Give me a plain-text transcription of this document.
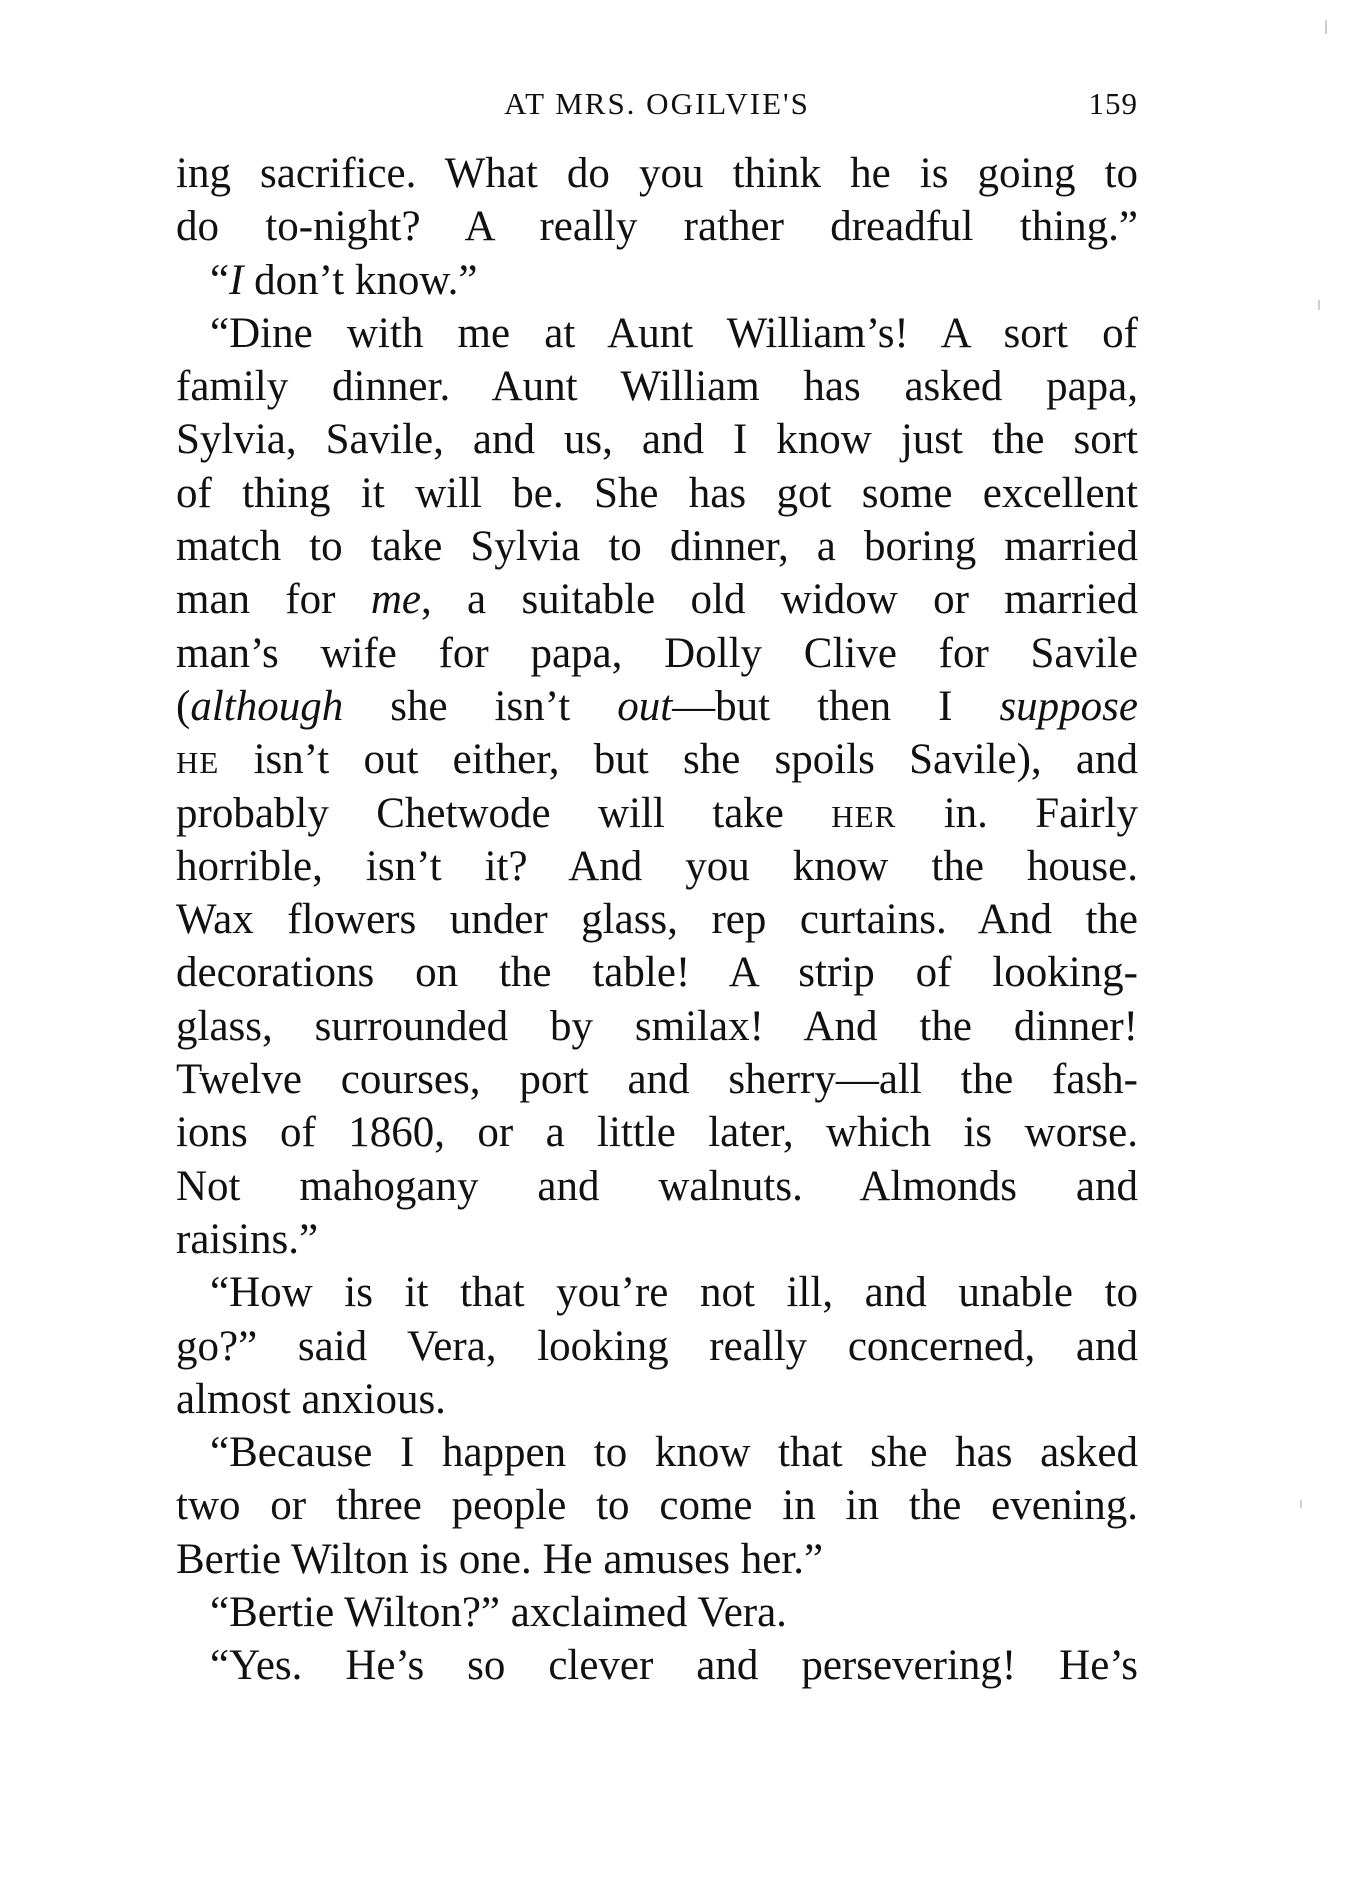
AT MRS. OGILVIE'S	159
ing sacrifice. What do you think he is going to
do to-night? A really rather dreadful thing.”
“I don’t know.”
“Dine with me at Aunt William’s! A sort of
family dinner. Aunt William has asked papa,
Sylvia, Savile, and us, and I know just the sort
of thing it will be. She has got some excellent
match to take Sylvia to dinner, a boring married
man for me, a suitable old widow or married
man’s wife for papa, Dolly Clive for Savile
(although she isn’t out—but then I suppose
HE isn’t out either, but she spoils Savile), and
probably Chetwode will take HER in. Fairly
horrible, isn’t it? And you know the house.
Wax flowers under glass, rep curtains. And the
decorations on the table! A strip of looking-
glass, surrounded by smilax! And the dinner!
Twelve courses, port and sherry—all the fash-
ions of 1860, or a little later, which is worse.
Not mahogany and walnuts. Almonds and
raisins.”
“How is it that you’re not ill, and unable to
go?” said Vera, looking really concerned, and
almost anxious.
“Because I happen to know that she has asked
two or three people to come in in the evening.
Bertie Wilton is one. He amuses her.”
“Bertie Wilton?” axclaimed Vera.
“Yes. He’s so clever and persevering! He’s
